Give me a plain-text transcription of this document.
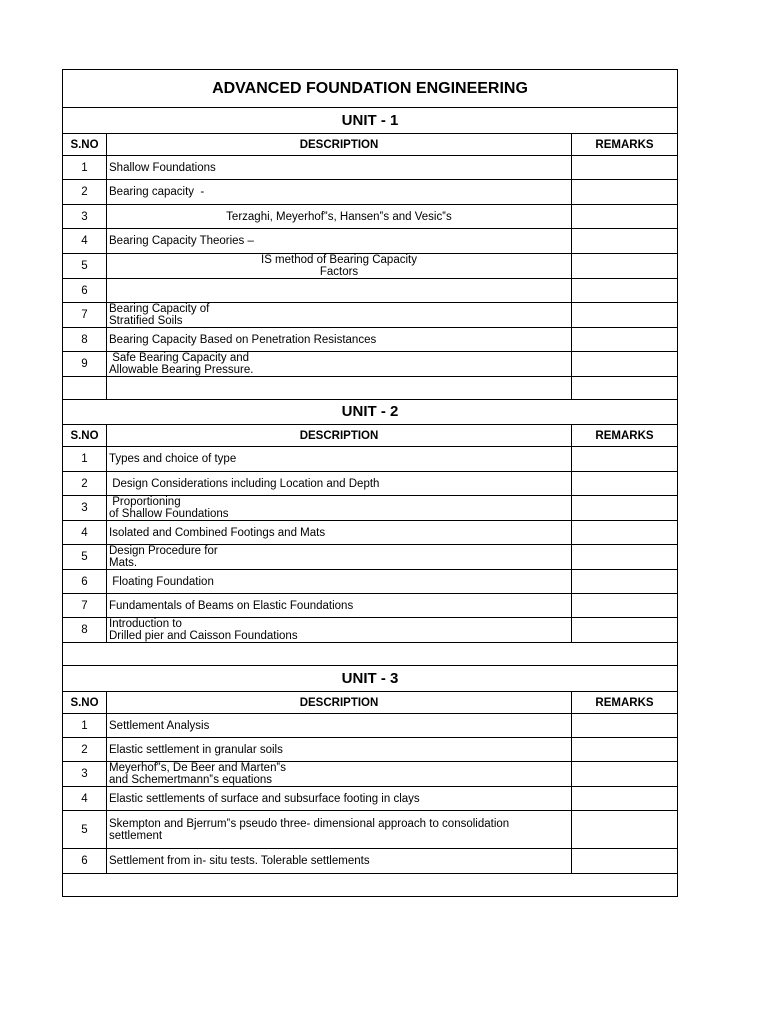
ADVANCED FOUNDATION ENGINEERING		
UNIT - 1		
S.NO	DESCRIPTION	REMARKS
1	Shallow Foundations	

2	Bearing capacity  -	

3	Terzaghi, Meyerhof‟s, Hansen‟s and Vesic‟s	

4	Bearing Capacity Theories –	

5	IS method of Bearing Capacity
Factors	

6	

7	Bearing Capacity of
Stratified Soils	

8	Bearing Capacity Based on Penetration Resistances	

9	Safe Bearing Capacity and
Allowable Bearing Pressure.	

UNIT - 2		
S.NO	DESCRIPTION	REMARKS
1	Types and choice of type	

2	Design Considerations including Location and Depth	

3	Proportioning
of Shallow Foundations	

4	Isolated and Combined Footings and Mats	

5	Design Procedure for
Mats.	

6	Floating Foundation	

7	Fundamentals of Beams on Elastic Foundations	

8	Introduction to
Drilled pier and Caisson Foundations	

UNIT - 3		
S.NO	DESCRIPTION	REMARKS
1	Settlement Analysis	

2	Elastic settlement in granular soils	

3	Meyerhof‟s, De Beer and Marten‟s
and Schemertmann‟s equations	

4	Elastic settlements of surface and subsurface footing in clays	

5	Skempton and Bjerrum‟s pseudo three- dimensional approach to consolidation
settlement	

6	Settlement from in- situ tests. Tolerable settlements	
